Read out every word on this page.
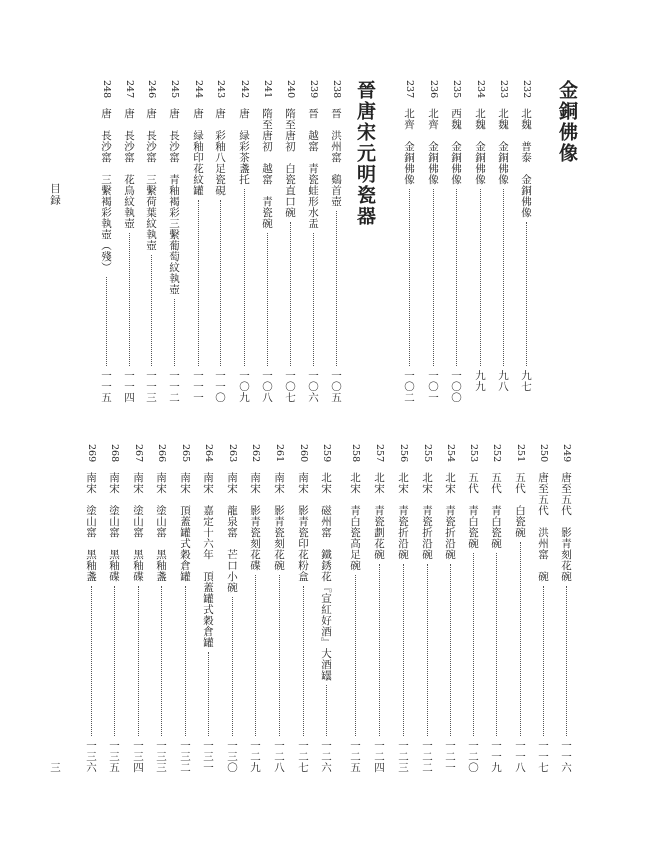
金銅佛像
晉唐宋元明瓷器	232
北魏　普泰　金銅佛像
九七
233
北魏　金銅佛像
九八
234
北魏　金銅佛像
九九
235
西魏　金銅佛像
一〇〇
236
北齊　金銅佛像
一〇一
237
北齊　金銅佛像
一〇二
238
晉　洪州窰　鷄首壺
一〇五
239
晉　越窰　青瓷蛙形水盂
一〇六
240
隋至唐初　白瓷直口碗
一〇七
241
隋至唐初　越窰　青瓷碗
一〇八
242
唐　緑彩茶盞托
一〇九
243
唐　彩釉八足瓷硯
一一〇
244
唐　緑釉印花紋罐
一一一
245
唐　長沙窰　青釉褐彩三繫葡萄紋執壺
一一二
246
唐　長沙窰　三繫荷葉紋執壺
一一三
247
唐　長沙窰　花鳥紋執壺
一一四
248
唐　長沙窰　三繫褐彩執壺（殘）
一一五
249
唐至五代　影青刻花碗
一一六
250
唐至五代　洪州窰　碗
一一七
251
五代　白瓷碗
一一八
252
五代　青白瓷碗
一一九
253
五代　青白瓷碗
一二〇
254
北宋　青瓷折沿碗
一二一
255
北宋　青瓷折沿碗
一二二
256
北宋　青瓷折沿碗
一二三
257
北宋　青瓷劃花碗
一二四
258
北宋　青白瓷高足碗
一二五
259
北宋　磁州窰　鐵銹花『宣紅好酒』大酒罎
一二六
260
南宋　影青瓷印花粉盒
一二七
261
南宋　影青瓷刻花碗
一二八
262
南宋　影青瓷刻花碟
一二九
263
南宋　龍泉窰　芒口小碗
一三〇
264
南宋　嘉定十六年　頂蓋罐式穀倉罐
一三一
265
南宋　頂蓋罐式穀倉罐
一三二
266
南宋　塗山窰　黑釉盞
一三三
267
南宋　塗山窰　黑釉碟
一三四
268
南宋　塗山窰　黑釉碟
一三五
269
南宋　塗山窰　黑釉盞
一三六
目録
三
